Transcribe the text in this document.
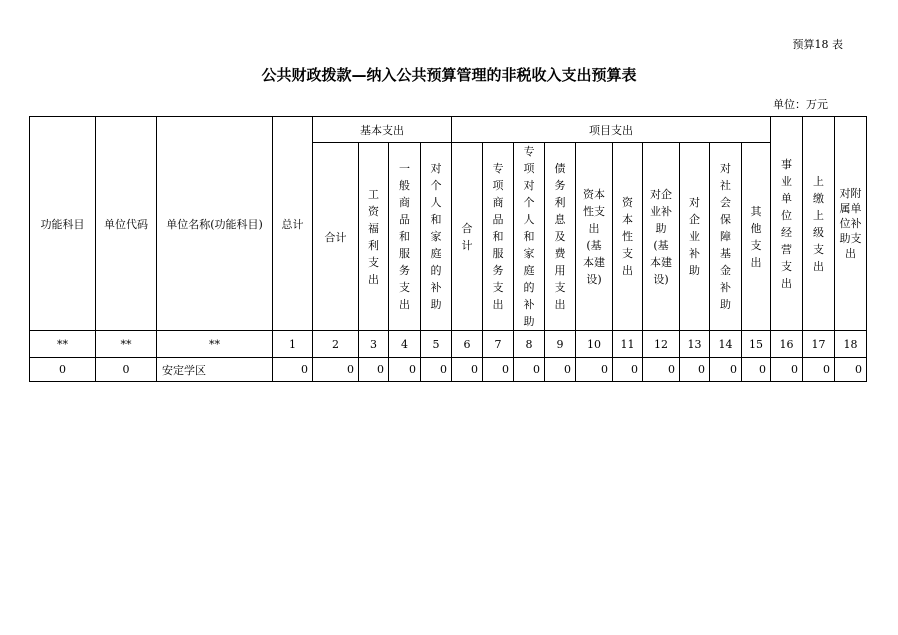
预算18 表
公共财政拨款—纳入公共预算管理的非税收入支出预算表
单位：万元
功能科目	单位代码	单位名称(功能科目)	总计	基本支出				项目支出										事业单位经营支出	上缴上级支出	对附属单位补助支出
				合计	工资福利支出	一般商品和服务支出	对个人和家庭的补助	合计	专项商品和服务支出	专项对个人和家庭的补助	债务利息及费用支出	资本性支出(基本建设)	资本性支出	对企业补助(基本建设)	对企业补助	对社会保障基金补助	其他支出			
**	**	**	1	2	3	4	5	6	7	8	9	10	11	12	13	14	15	16	17	18
0	0	安定学区	0	0	0	0	0	0	0	0	0	0	0	0	0	0	0	0	0	0
